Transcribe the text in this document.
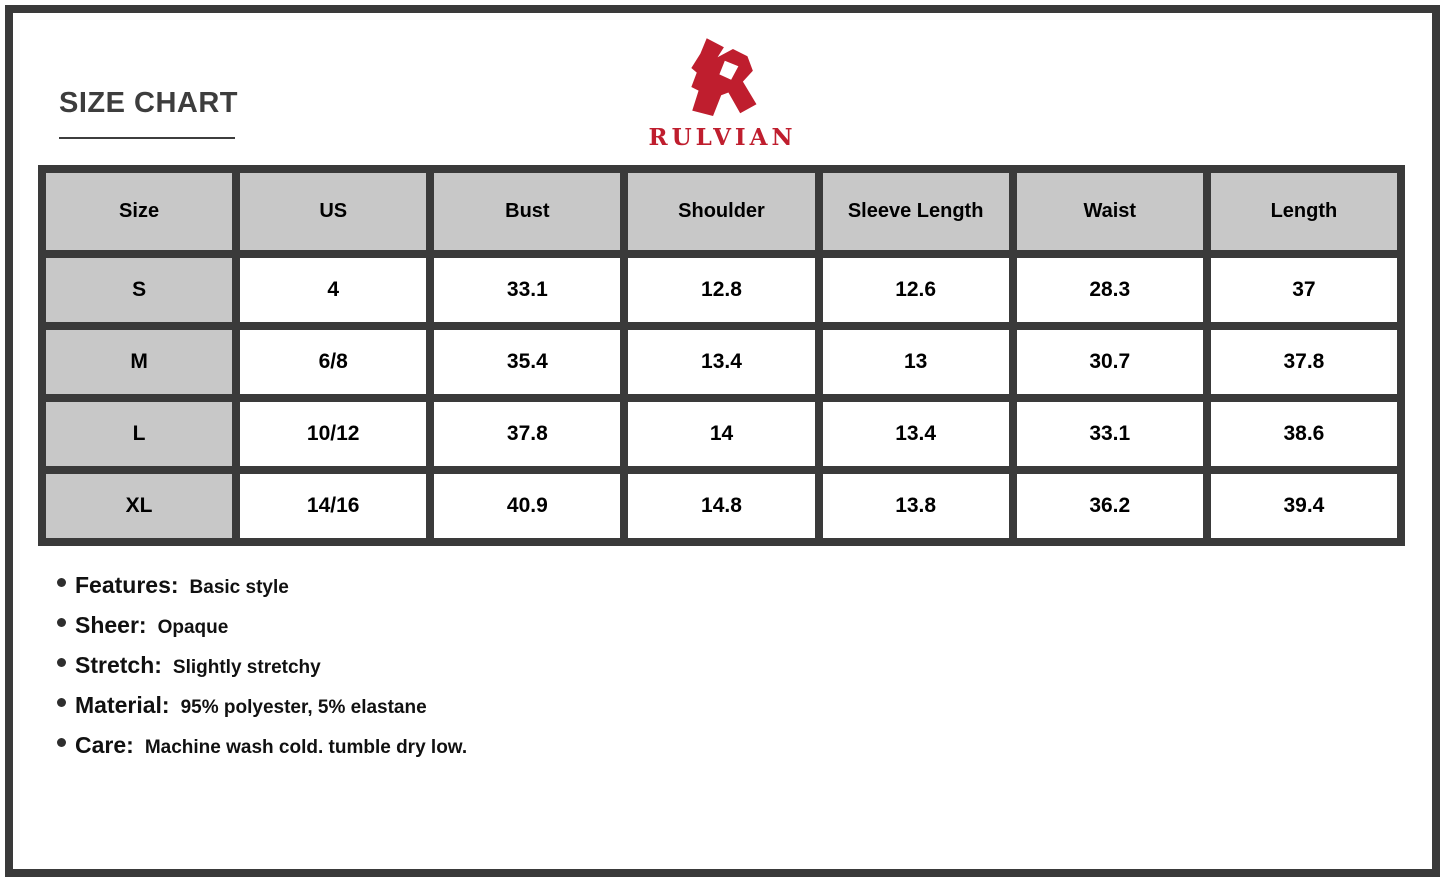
SIZE CHART
RULVIAN
Size	US	Bust	Shoulder	Sleeve Length	Waist	Length
S	4	33.1	12.8	12.6	28.3	37
M	6/8	35.4	13.4	13	30.7	37.8
L	10/12	37.8	14	13.4	33.1	38.6
XL	14/16	40.9	14.8	13.8	36.2	39.4
Features: Basic style
Sheer: Opaque
Stretch: Slightly stretchy
Material: 95% polyester, 5% elastane
Care: Machine wash cold. tumble dry low.
